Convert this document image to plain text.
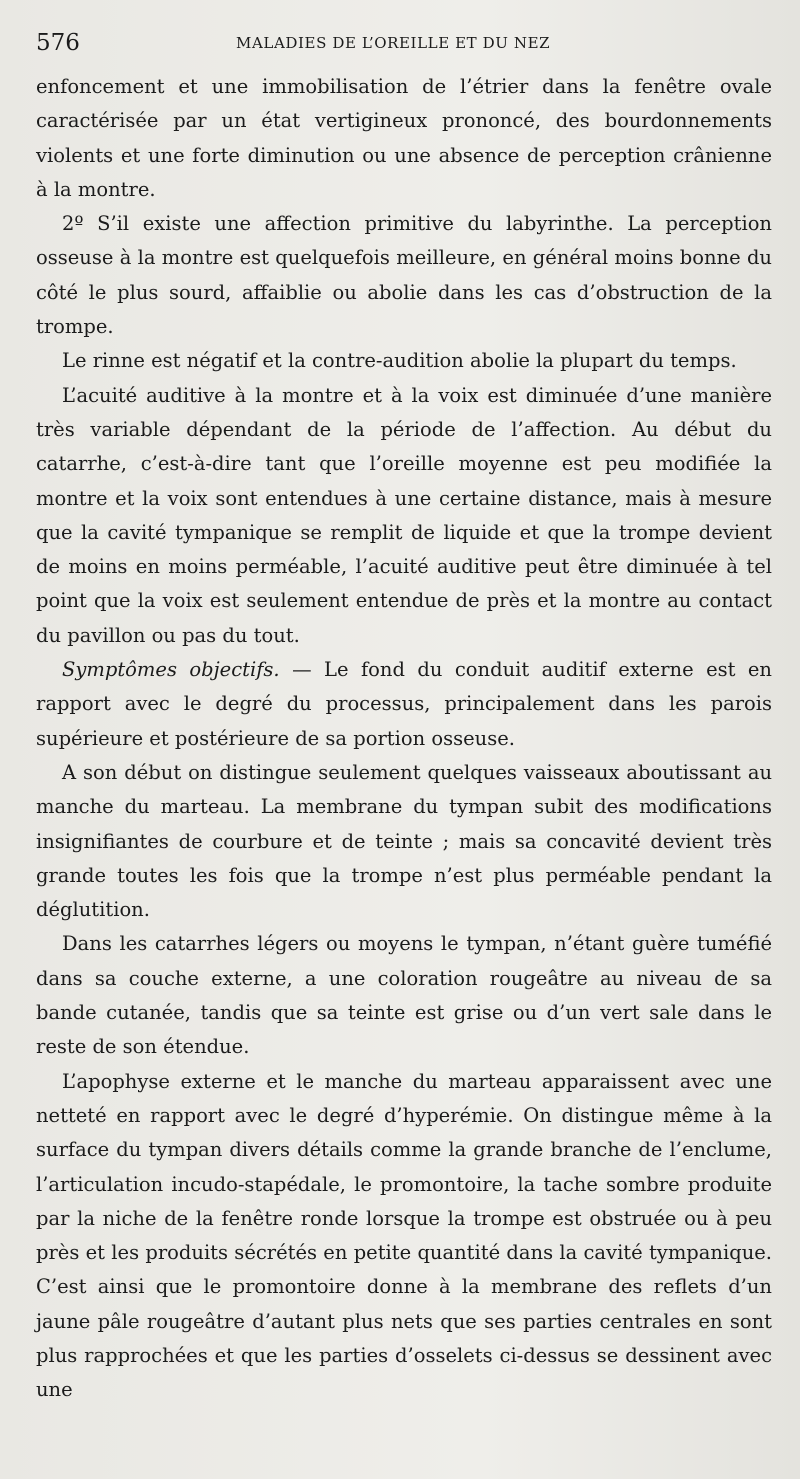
576	MALADIES DE L’OREILLE ET DU NEZ

enfoncement et une immobilisation de l’étrier dans la fenêtre ovale caractérisée par un état vertigineux prononcé, des bourdonnements violents et une forte diminution ou une absence de perception crânienne à la montre.

2º S’il existe une affection primitive du labyrinthe. La perception osseuse à la montre est quelquefois meilleure, en général moins bonne du côté le plus sourd, affaiblie ou abolie dans les cas d’obstruction de la trompe.

Le rinne est négatif et la contre-audition abolie la plupart du temps.

L’acuité auditive à la montre et à la voix est diminuée d’une manière très variable dépendant de la période de l’affection. Au début du catarrhe, c’est-à-dire tant que l’oreille moyenne est peu modifiée la montre et la voix sont entendues à une certaine distance, mais à mesure que la cavité tympanique se remplit de liquide et que la trompe devient de moins en moins perméable, l’acuité auditive peut être diminuée à tel point que la voix est seulement entendue de près et la montre au contact du pavillon ou pas du tout.

Symptômes objectifs. — Le fond du conduit auditif externe est en rapport avec le degré du processus, principalement dans les parois supérieure et postérieure de sa portion osseuse.

A son début on distingue seulement quelques vaisseaux aboutissant au manche du marteau. La membrane du tympan subit des modifications insignifiantes de courbure et de teinte ; mais sa concavité devient très grande toutes les fois que la trompe n’est plus perméable pendant la déglutition.

Dans les catarrhes légers ou moyens le tympan, n’étant guère tuméfié dans sa couche externe, a une coloration rougeâtre au niveau de sa bande cutanée, tandis que sa teinte est grise ou d’un vert sale dans le reste de son étendue.

L’apophyse externe et le manche du marteau apparaissent avec une netteté en rapport avec le degré d’hyperémie. On distingue même à la surface du tympan divers détails comme la grande branche de l’enclume, l’articulation incudo-stapédale, le promontoire, la tache sombre produite par la niche de la fenêtre ronde lorsque la trompe est obstruée ou à peu près et les produits sécrétés en petite quantité dans la cavité tympanique. C’est ainsi que le promontoire donne à la membrane des reflets d’un jaune pâle rougeâtre d’autant plus nets que ses parties centrales en sont plus rapprochées et que les parties d’osselets ci-dessus se dessinent avec une
